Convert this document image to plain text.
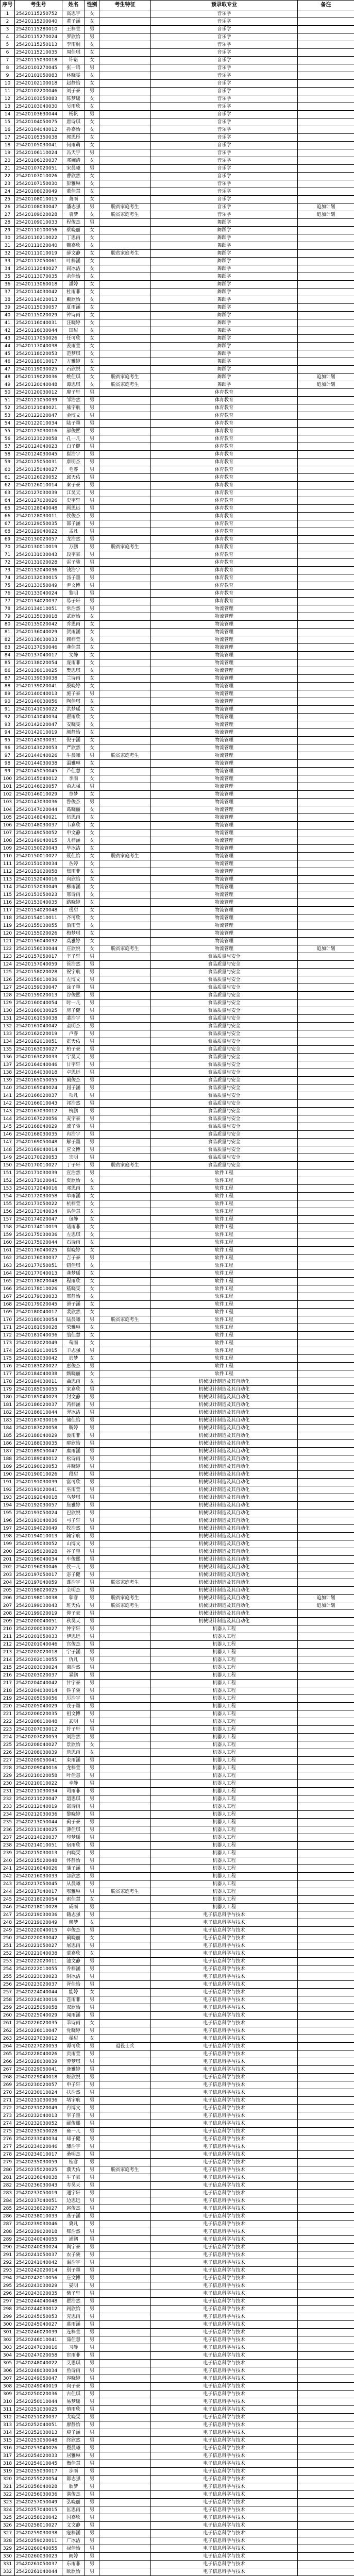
序号	考生号	姓名	性别	考生特征	预录取专业	备注
1	25420115250752	高思宇	女		音乐学	
2	25420115200040	黄子涵	女		音乐学	
3	25420115280010	王梓萱	男		音乐学	
4	25420115270024	罗欣怡	男		音乐学	
5	25420115250113	李雨桐	女		音乐学	
6	25420115210035	周佳琪	女		音乐学	
7	25420115030018	许诺	女		音乐学	
8	25420101270045	张一鸣	男		音乐学	
9	25420101050083	林晓雯	女		音乐学	
10	25420102100018	赵静怡	女		音乐学	
11	25420102200046	刘子豪	男		音乐学	
12	25420103050083	陈梦瑶	女		音乐学	
13	25420103040030	吴雨欣	女		音乐学	
14	25420103630044	杨帆	男		音乐学	
15	25420104050075	唐诗琪	女		音乐学	
16	25420104040012	孙嘉怡	女		音乐学	
17	25420105350038	郭思彤	女		音乐学	
18	25420105030041	何雨萌	女		音乐学	
19	25420106110024	冯天宇	男		音乐学	
20	25420106120037	邓婉清	女		音乐学	
21	25420107020051	宋晨曦	男		音乐学	
22	25420107010026	曹欣然	女		音乐学	
23	25420107150030	彭雅琳	女		音乐学	
24	25420108020049	董佳慧	女		音乐学	
25	25420108010015	萧雨	女		音乐学	
26	25420108030047	潘志强	男	脱贫家庭考生	音乐学	追加计划
27	25420109020028	袁梦	女	脱贫家庭考生	音乐学	追加计划
28	25420109010033	程俊杰	男		舞蹈学	
29	25420110100056	蔡晓丽	女		舞蹈学	
30	25420110210022	丁思雨	女		舞蹈学	
31	25420111020040	魏嘉欣	女		舞蹈学	
32	25420111010019	薛文静	女	脱贫家庭考生	舞蹈学	
33	25420112050061	叶梓涵	女		舞蹈学	
34	25420112040027	阎冰洁	女		舞蹈学	
35	25420113070035	余佳怡	女		舞蹈学	
36	25420113060018	潘婷	女		舞蹈学	
37	25420114030042	杜雨菲	女		舞蹈学	
38	25420114020013	戴欣怡	女		舞蹈学	
39	25420115030057	夏雨涵	女		舞蹈学	
40	25420115020029	钟诗雨	女		舞蹈学	
41	25420116040031	汪晓婷	女		舞蹈学	
42	25420116030044	田甜	女		舞蹈学	
43	25420117050026	任可欣	女		舞蹈学	
44	25420117040038	姜雨萱	女		舞蹈学	
45	25420118020053	范梦琪	女		舞蹈学	
46	25420118010017	方雅婷	女		舞蹈学	
47	25420119030025	石欣悦	女		舞蹈学	
48	25420119020036	姚佳琪	女	脱贫家庭考生	舞蹈学	追加计划
49	25420120040048	谭思琪	女	脱贫家庭考生	舞蹈学	追加计划
50	25420120030012	廖子轩	男		体育教育	
51	25420121050039	邹浩然	男		体育教育	
52	25420121040021	熊宇航	男		体育教育	
53	25420122020047	金博文	男		体育教育	
54	25420122010034	陆子墨	男		体育教育	
55	25420123030016	郝俊熙	男		体育教育	
56	25420123020058	孔一凡	男		体育教育	
57	25420124040023	白子健	男		体育教育	
58	25420124030045	崔浩宇	男		体育教育	
59	25420125050031	康明杰	男		体育教育	
60	25420125040027	毛睿	男		体育教育	
61	25420126020052	邱天佑	男		体育教育	
62	25420126010014	秦子豪	男		体育教育	
63	25420127030039	江昊天	男		体育教育	
64	25420127020026	史宇轩	男		体育教育	
65	25420128040048	顾思远	男		体育教育	
66	25420128030011	侯俊杰	男		体育教育	
67	25420129050035	邵子涵	男		体育教育	
68	25420129040022	孟凡	男		体育教育	
69	25420130020057	龙浩然	男		体育教育	
70	25420130010019	万鹏	男	脱贫家庭考生	体育教育	
71	25420131030043	段宇豪	男		体育教育	
72	25420131020028	雷子骏	男		体育教育	
73	25420132040036	钱浩宇	男		体育教育	
74	25420132030015	汤子墨	男		体育教育	
75	25420133050049	尹文博	男		体育教育	
76	25420133040024	黎明	男		体育教育	
77	25420134020037	易子轩	男		体育教育	
78	25420134010051	常浩然	男		物流管理	
79	25420135030018	武欣怡	女		物流管理	
80	25420135020042	乔思雨	女		物流管理	
81	25420136040029	贺雨涵	女		物流管理	
82	25420136030033	赖梓萱	女		物流管理	
83	25420137050046	龚佳慧	女		物流管理	
84	25420137040017	文静	女		物流管理	
85	25420138020054	庞雨菲	女		物流管理	
86	25420138010025	樊思琪	女		物流管理	
87	25420139030038	兰诗雨	女		物流管理	
88	25420139020041	殷晓婷	女		物流管理	
89	25420140040013	施子豪	男		物流管理	
90	25420140030056	陶佳琪	女		物流管理	
91	25420141050022	洪梦瑶	女		物流管理	
92	25420141040034	翟雨欣	女		物流管理	
93	25420142020047	安晓雯	女		物流管理	
94	25420142010019	颜静怡	女		物流管理	
95	25420143030031	倪子涵	女		物流管理	
96	25420143020053	严欣然	女		物流管理	
97	25420144040026	牛晨曦	男	脱贫家庭考生	物流管理	
98	25420144030038	温雅琳	女		物流管理	
99	25420145050045	芦佳慧	女		物流管理	
100	25420145040012	季雨	女		物流管理	
101	25420146020057	俞志强	男		物流管理	
102	25420146010029	章梦	女		物流管理	
103	25420147030036	鲁俊杰	男		物流管理	
104	25420147020044	葛晓丽	女		物流管理	
105	25420148040021	伍思雨	女		物流管理	
106	25420148030037	韦嘉欣	女		物流管理	
107	25420149050052	申文静	女		物流管理	
108	25420149040015	尤梓涵	女		物流管理	
109	25420150020043	毕冰洁	女		物流管理	
110	25420150010027	聂佳怡	女	脱贫家庭考生	物流管理	
111	25420151030034	丛婷	女		物流管理	
112	25420151020058	焦雨菲	女		物流管理	
113	25420152040016	向欣怡	女		物流管理	
114	25420152030049	柳雨涵	女		物流管理	
115	25420153050023	邢诗雨	女		物流管理	
116	25420153040035	路晓婷	女		物流管理	
117	25420154020048	岳甜	女		物流管理	
118	25420154010011	齐可欣	女		物流管理	
119	25420155030055	沿雨萱	女		物流管理	
120	25420155020026	梅梦琪	女		物流管理	
121	25420156040032	莫雅婷	女		物流管理	
122	25420156030044	庄欣悦	女	脱贫家庭考生	物流管理	追加计划
123	25420157050017	辛子轩	男		食品质量与安全	
124	25420157040059	管浩然	男		食品质量与安全	
125	25420158020028	祝宇航	男		食品质量与安全	
126	25420158010036	左博文	男		食品质量与安全	
127	25420159030047	涂子墨	男		食品质量与安全	
128	25420159020013	谷俊熙	男		食品质量与安全	
129	25420160040054	时一凡	男		食品质量与安全	
130	25420160030025	房子健	男		食品质量与安全	
131	25420161050038	裴浩宇	男		食品质量与安全	
132	25420161040042	童明杰	男		食品质量与安全	
133	25420162020019	卢睿	男		食品质量与安全	
134	25420162010051	霍天佑	男		食品质量与安全	
135	25420163030027	柏子豪	男		食品质量与安全	
136	25420163020033	宁昊天	男		食品质量与安全	
137	25420164040046	甘宇轩	男		食品质量与安全	
138	25420164030018	卓思远	男		食品质量与安全	
139	25420165050055	蔺俊杰	男		食品质量与安全	
140	25420165040024	屈子涵	男		食品质量与安全	
141	25420166020037	项凡	男		食品质量与安全	
142	25420166010043	祁浩然	男		食品质量与安全	
143	25420167030012	杭鹏	男		食品质量与安全	
144	25420167020056	麦宇豪	男		食品质量与安全	
145	25420168040029	戚子骏	男		食品质量与安全	
146	25420168030035	冉浩宇	男		食品质量与安全	
147	25420169050048	解子墨	男		食品质量与安全	
148	25420169040014	应文博	男		食品质量与安全	
149	25420170020053	宗明	男		食品质量与安全	
150	25420170010027	丁子轩	男	脱贫家庭考生	食品质量与安全	
151	25420171030039	宣浩然	男		软件工程	
152	25420171020041	贲欣怡	女		软件工程	
153	25420172040016	邓思雨	女		软件工程	
154	25420172030058	单雨涵	女		软件工程	
155	25420173050022	杭梓萱	女		软件工程	
156	25420173040034	洪佳慧	女		软件工程	
157	25420174020047	包静	女		软件工程	
158	25420174010019	诸雨菲	女		软件工程	
159	25420175030036	左思琪	女		软件工程	
160	25420175020044	石诗雨	女		软件工程	
161	25420176040025	崔晓婷	女		软件工程	
162	25420176030037	吉子豪	男		软件工程	
163	25420177050051	钮佳琪	女		软件工程	
164	25420177040013	龚梦瑶	女		软件工程	
165	25420178020048	程雨欣	女		软件工程	
166	25420178010026	嵇晓雯	女		软件工程	
167	25420179030033	邢静怡	女		软件工程	
168	25420179020045	滑子涵	女		软件工程	
169	25420180040017	裴欣然	女		软件工程	
170	25420180030054	陆晨曦	男	脱贫家庭考生	软件工程	
171	25420181050028	荣雅琳	女		软件工程	
172	25420181040036	翁佳慧	女		软件工程	
173	25420182020049	荀雨	女		软件工程	
174	25420182010015	羊志强	男		软件工程	
175	25420183030042	於梦	女		软件工程	
176	25420183020027	惠俊杰	男		软件工程	
177	25420184040038	甄晓丽	女		软件工程	
178	25420184030011	曲思雨	女		机械设计制造及其自动化	
179	25420185050055	家嘉欣	男		机械设计制造及其自动化	
180	25420185040023	封文静	男		机械设计制造及其自动化	
181	25420186020037	芮梓涵	男		机械设计制造及其自动化	
182	25420186010044	羿冰洁	男		机械设计制造及其自动化	
183	25420187030016	储佳怡	男		机械设计制造及其自动化	
184	25420187020058	靳婷	男		机械设计制造及其自动化	
185	25420188040029	汲雨菲	男		机械设计制造及其自动化	
186	25420188030035	邴欣怡	男		机械设计制造及其自动化	
187	25420189050047	糜雨涵	男		机械设计制造及其自动化	
188	25420189040012	松诗雨	男		机械设计制造及其自动化	
189	25420190020053	井晓婷	男		机械设计制造及其自动化	
190	25420190010026	段甜	男		机械设计制造及其自动化	
191	25420191030039	富可欣	男		机械设计制造及其自动化	
192	25420191020041	巫雨萱	男		机械设计制造及其自动化	
193	25420192040018	乌梦琪	男		机械设计制造及其自动化	
194	25420192030057	焦雅婷	男		机械设计制造及其自动化	
195	25420193050024	巴欣悦	男		机械设计制造及其自动化	
196	25420193040036	弓子轩	男		机械设计制造及其自动化	
197	25420194020049	牧浩然	男		机械设计制造及其自动化	
198	25420194010013	隗宇航	男		机械设计制造及其自动化	
199	25420195030052	山博文	男		机械设计制造及其自动化	
200	25420195020028	谷子墨	男		机械设计制造及其自动化	
201	25420196040034	车俊熙	男		机械设计制造及其自动化	
202	25420196030046	侯一凡	男		机械设计制造及其自动化	
203	25420197050017	宓子健	男		机械设计制造及其自动化	
204	25420197040059	蓬浩宇	男	脱贫家庭考生	机械设计制造及其自动化	
205	25420198020025	全明杰	男		机械设计制造及其自动化	
206	25420198010038	郗睿	男	脱贫家庭考生	机械设计制造及其自动化	追加计划
207	25420199030043	班天佑	男	脱贫家庭考生	机械设计制造及其自动化	追加计划
208	25420199020019	仰子豪	男		机械设计制造及其自动化	
209	25420200040051	秋昊天	男		机械设计制造及其自动化	
210	25420200030027	仲宇轩	男		机器人工程	
211	25420201050033	伊思远	男		机器人工程	
212	25420201040046	宫俊杰	男		机器人工程	
213	25420202020018	宁子涵	男		机器人工程	
214	25420202010055	仇凡	男		机器人工程	
215	25420203030024	栾浩然	男		机器人工程	
216	25420203020037	暴鹏	男		机器人工程	
217	25420204040042	甘宇豪	男		机器人工程	
218	25420204030014	钭子骏	男		机器人工程	
219	25420205050056	厉浩宇	男		机器人工程	
220	25420205040029	戎子墨	男		机器人工程	
221	25420206020035	祖文博	男		机器人工程	
222	25420206010048	武明	男		机器人工程	
223	25420207030012	符子轩	男		机器人工程	
224	25420207020053	刘浩然	男		机器人工程	
225	25420208040027	景欣怡	女		机器人工程	
226	25420208030039	詹思雨	女		机器人工程	
227	25420209050041	束雨涵	男		机器人工程	
228	25420209040016	龙梓萱	男		机器人工程	
229	25420210020058	叶佳慧	男		机器人工程	
230	25420210010022	幸静	男		机器人工程	
231	25420211030034	司雨菲	男		机器人工程	
232	25420211020047	韶思琪	男		机器人工程	
233	25420212040019	郜诗雨	男		机器人工程	
234	25420212030036	黎晓婷	男		机器人工程	
235	25420213050044	蓟子豪	男		机器人工程	
236	25420213040025	薄佳琪	男		机器人工程	
237	25420214020037	印梦瑶	男		机器人工程	
238	25420214010051	宿雨欣	男		机器人工程	
239	25420215030013	白晓雯	男		机器人工程	
240	25420215020048	怀静怡	男		机器人工程	
241	25420216040026	蒲子涵	男		机器人工程	
242	25420216030033	邰欣然	男		机器人工程	
243	25420217050045	从晨曦	男		机器人工程	
244	25420217040017	鄂雅琳	男	脱贫家庭考生	机器人工程	
245	25420218020054	索佳慧	女		机器人工程	
246	25420218010028	咸雨	男		机器人工程	
247	25420219030036	籍志强	男		电子信息科学与技术	
248	25420219020049	赖梦	女		电子信息科学与技术	
249	25420220040015	卓俊杰	男		电子信息科学与技术	
250	25420220030042	蔺晓丽	女		电子信息科学与技术	
251	25420221050027	屠思雨	男		电子信息科学与技术	
252	25420221040038	蒙嘉欣	女		电子信息科学与技术	
253	25420222020011	池文静	男		电子信息科学与技术	
254	25420222010055	乔梓涵	男		电子信息科学与技术	
255	25420223030023	阴冰洁	男		电子信息科学与技术	
256	25420223020037	胥佳怡	男		电子信息科学与技术	
257	25420224040044	能婷	女		电子信息科学与技术	
258	25420224030016	苍雨菲	男		电子信息科学与技术	
259	25420225050058	双欣怡	男		电子信息科学与技术	
260	25420225040029	闻雨涵	男		电子信息科学与技术	
261	25420226020035	莘诗雨	女		电子信息科学与技术	
262	25420226010047	党晓婷	男		电子信息科学与技术	
263	25420227030012	翟甜	女		电子信息科学与技术	
264	25420227020053	谭可欣	男	退役士兵	电子信息科学与技术	
265	25420228040026	贡雨萱	男		电子信息科学与技术	
266	25420228030039	劳梦琪	男		电子信息科学与技术	
267	25420229050041	逄雅婷	男		电子信息科学与技术	
268	25420229040018	姬欣悦	男		电子信息科学与技术	
269	25420230020057	申子轩	男		电子信息科学与技术	
270	25420230010024	扶浩然	男		电子信息科学与技术	
271	25420231030036	堵宇航	男		电子信息科学与技术	
272	25420231020049	冉博文	男		电子信息科学与技术	
273	25420232040013	宰子墨	男		电子信息科学与技术	
274	25420232030052	郦俊熙	男		电子信息科学与技术	
275	25420233050028	雍一凡	男		电子信息科学与技术	
276	25420233040034	却子健	男		电子信息科学与技术	
277	25420234020046	璩浩宇	男		电子信息科学与技术	
278	25420234010017	桑明杰	男		电子信息科学与技术	
279	25420235030059	桂睿	男		电子信息科学与技术	
280	25420235020025	濮天佑	男	脱贫家庭考生	电子信息科学与技术	
281	25420236040038	牛子豪	男		电子信息科学与技术	
282	25420236030043	寿昊天	男		电子信息科学与技术	
283	25420237050019	通宇轩	男		电子信息科学与技术	
284	25420237040051	边思远	男		电子信息科学与技术	
285	25420238020027	扈俊杰	男		电子信息科学与技术	
286	25420238010033	燕子涵	男		电子信息科学与技术	
287	25420239030046	冀凡	男		电子信息科学与技术	
288	25420239020018	郏浩然	男		电子信息科学与技术	
289	25420240040055	浦鹏	男		电子信息科学与技术	
290	25420240030024	尚宇豪	男		电子信息科学与技术	
291	25420241050037	农子骏	男		电子信息科学与技术	
292	25420241040042	温浩宇	男		电子信息科学与技术	
293	25420242020014	别子墨	男		电子信息科学与技术	
294	25420242010056	庄文博	男		电子信息科学与技术	
295	25420243030029	晏明	男		电子信息科学与技术	
296	25420243020035	柴子轩	男		电子信息科学与技术	
297	25420244040048	瞿浩然	男		电子信息科学与技术	
298	25420244030012	阎欣怡	男		电子信息科学与技术	
299	25420245050053	充思雨	男		电子信息科学与技术	
300	25420245040027	慕雨涵	男		电子信息科学与技术	
301	25420246020039	连梓萱	男		电子信息科学与技术	
302	25420246010041	茹佳慧	男		电子信息科学与技术	
303	25420247030016	习静	男		电子信息科学与技术	
304	25420247020058	宦雨菲	男		电子信息科学与技术	
305	25420248040022	艾思琪	男		电子信息科学与技术	
306	25420248030034	鱼诗雨	男		电子信息科学与技术	
307	25420249050047	容晓婷	男		电子信息科学与技术	
308	25420249040019	向子豪	男		电子信息科学与技术	
309	25420250020036	古佳琪	男		电子信息科学与技术	
310	25420250010044	易梦瑶	男		电子信息科学与技术	
311	25420251030025	慎雨欣	男		电子信息科学与技术	
312	25420251020037	戈晓雯	男		电子信息科学与技术	
313	25420252040051	廖静怡	男		电子信息科学与技术	
314	25420252030013	庾子涵	男		电子信息科学与技术	
315	25420253050048	终欣然	男		电子信息科学与技术	
316	25420253040026	暨晨曦	男		电子信息科学与技术	
317	25420254020033	居雅琳	男		电子信息科学与技术	
318	25420254010045	衡佳慧	男		电子信息科学与技术	
319	25420255030017	步雨	男		电子信息科学与技术	
320	25420255020054	都志强	男		电子信息科学与技术	
321	25420256040028	耿梦	男		电子信息科学与技术	
322	25420256030036	满俊杰	男		电子信息科学与技术	
323	25420257050049	弘晓丽	男		电子信息科学与技术	
324	25420257040015	匡思雨	男		电子信息科学与技术	
325	25420258020042	国嘉欣	男		电子信息科学与技术	
326	25420258010027	文文静	男		电子信息科学与技术	
327	25420259030038	寇梓涵	男		电子信息科学与技术	
328	25420259020011	广冰洁	男		电子信息科学与技术	
329	25420260040055	禄佳怡	男		电子信息科学与技术	
330	25420260030023	阙婷	男		电子信息科学与技术	
331	25420261050037	东雨菲	男		电子信息科学与技术	
332	25420261040044	欧欣怡	男		电子信息科学与技术	
